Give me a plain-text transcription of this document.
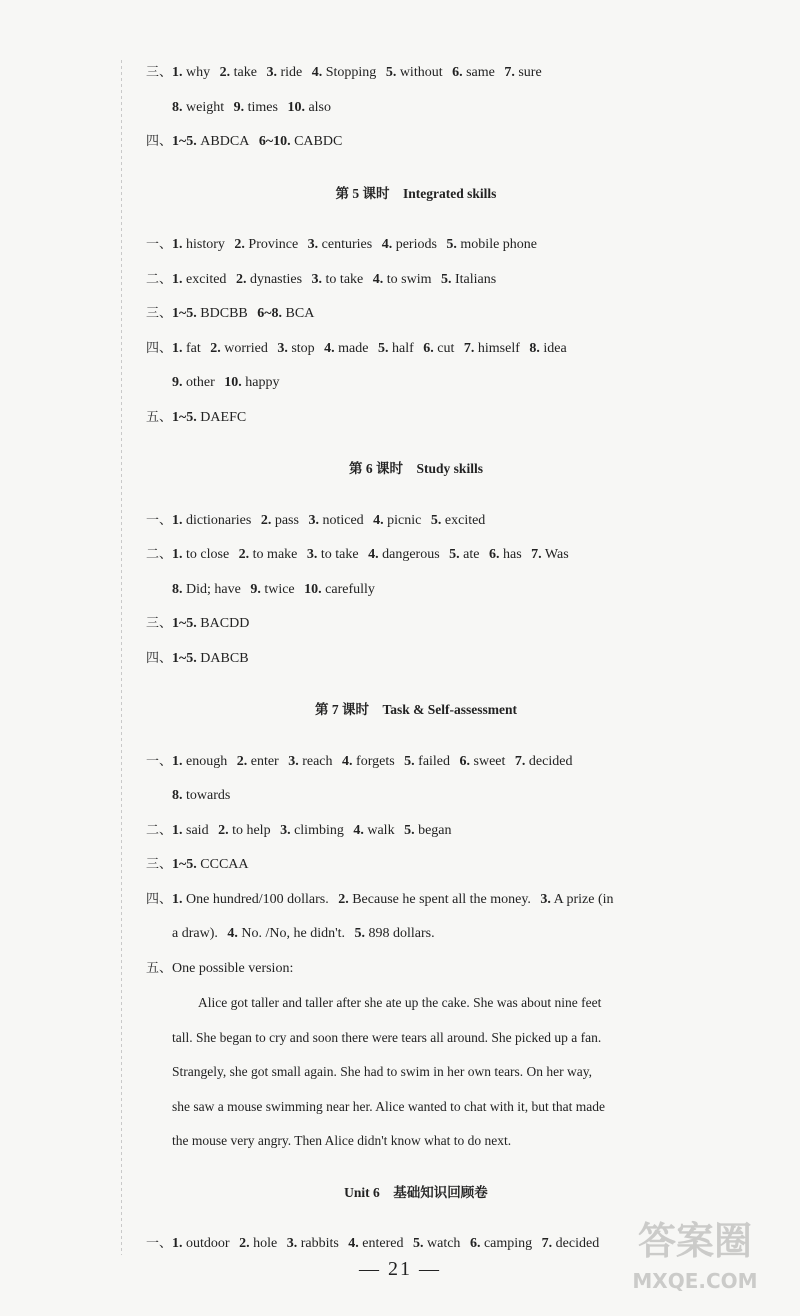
三、1. why 2. take 3. ride 4. Stopping 5. without 6. same 7. sure
8. weight 9. times 10. also
四、1~5. ABDCA 6~10. CABDC
第 5 课时　Integrated skills
一、1. history 2. Province 3. centuries 4. periods 5. mobile phone
二、1. excited 2. dynasties 3. to take 4. to swim 5. Italians
三、1~5. BDCBB 6~8. BCA
四、1. fat 2. worried 3. stop 4. made 5. half 6. cut 7. himself 8. idea
9. other 10. happy
五、1~5. DAEFC
第 6 课时　Study skills
一、1. dictionaries 2. pass 3. noticed 4. picnic 5. excited
二、1. to close 2. to make 3. to take 4. dangerous 5. ate 6. has 7. Was
8. Did; have 9. twice 10. carefully
三、1~5. BACDD
四、1~5. DABCB
第 7 课时　Task & Self-assessment
一、1. enough 2. enter 3. reach 4. forgets 5. failed 6. sweet 7. decided
8. towards
二、1. said 2. to help 3. climbing 4. walk 5. began
三、1~5. CCCAA
四、1. One hundred/100 dollars. 2. Because he spent all the money. 3. A prize (in
a draw). 4. No. /No, he didn't. 5. 898 dollars.
五、One possible version:

Alice got taller and taller after she ate up the cake. She was about nine feet

tall. She began to cry and soon there were tears all around. She picked up a fan.

Strangely, she got small again. She had to swim in her own tears. On her way,

she saw a mouse swimming near her. Alice wanted to chat with it, but that made

the mouse very angry. Then Alice didn't know what to do next.

Unit 6　基础知识回顾卷
一、1. outdoor 2. hole 3. rabbits 4. entered 5. watch 6. camping 7. decided
— 21 —
答案圈
MXQE.COM
